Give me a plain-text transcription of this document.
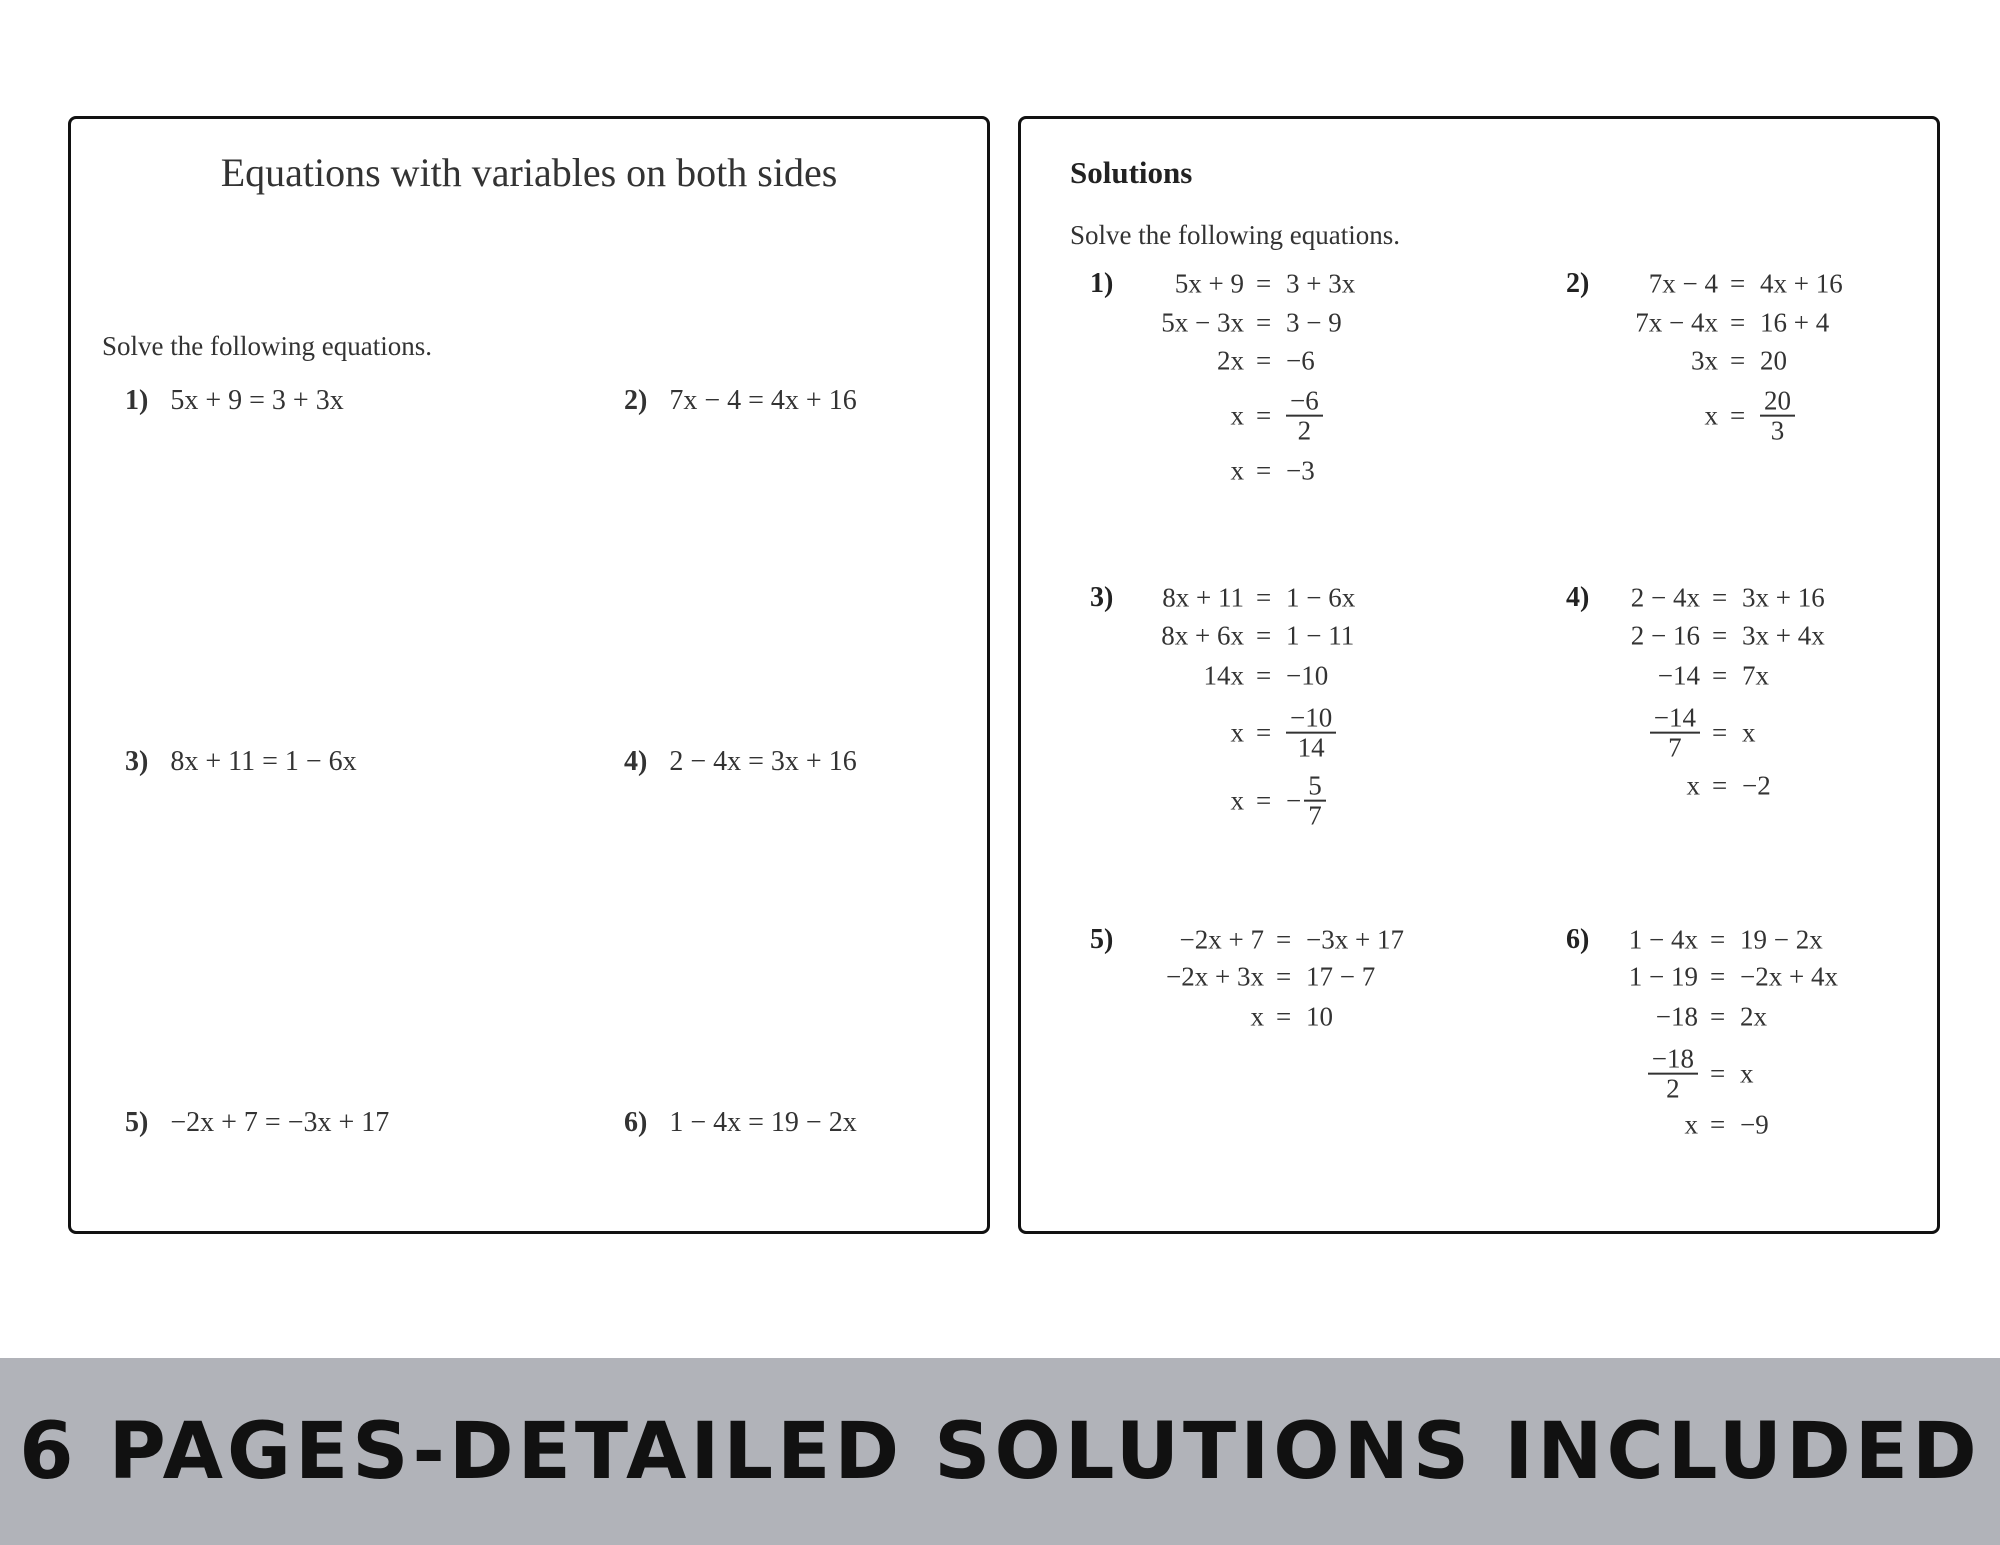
Equations with variables on both sides
Solve the following equations.
1) 5x + 9 = 3 + 3x	2) 7x − 4 = 4x + 16
3) 8x + 11 = 1 − 6x	4) 2 − 4x = 3x + 16
5) −2x + 7 = −3x + 17	6) 1 − 4x = 19 − 2x
Solutions
Solve the following equations.
1) 5x + 9 = 3 + 3x
5x − 3x = 3 − 9
2x = −6
$x = \frac{-6}{2}$
x = −3
2) 7x − 4 = 4x + 16
7x − 4x = 16 + 4
3x = 20
$x = \frac{20}{3}$
3) 8x + 11 = 1 − 6x
8x + 6x = 1 − 11
14x = −10
$x = \frac{-10}{14}$
x = − $\frac{5}{7}$
4) 2 − 4x = 3x + 16
2 − 16 = 3x + 4x
−14 = 7x
$\frac{-14}{7} = x$
x = −2
5) −2x + 7 = −3x + 17
−2x + 3x = 17 − 7
x = 10
6) 1 − 4x = 19 − 2x
1 − 19 = −2x + 4x
−18 = 2x
$\frac{-18}{2} = x$
x = −9
6 PAGES-DETAILED SOLUTIONS INCLUDED
